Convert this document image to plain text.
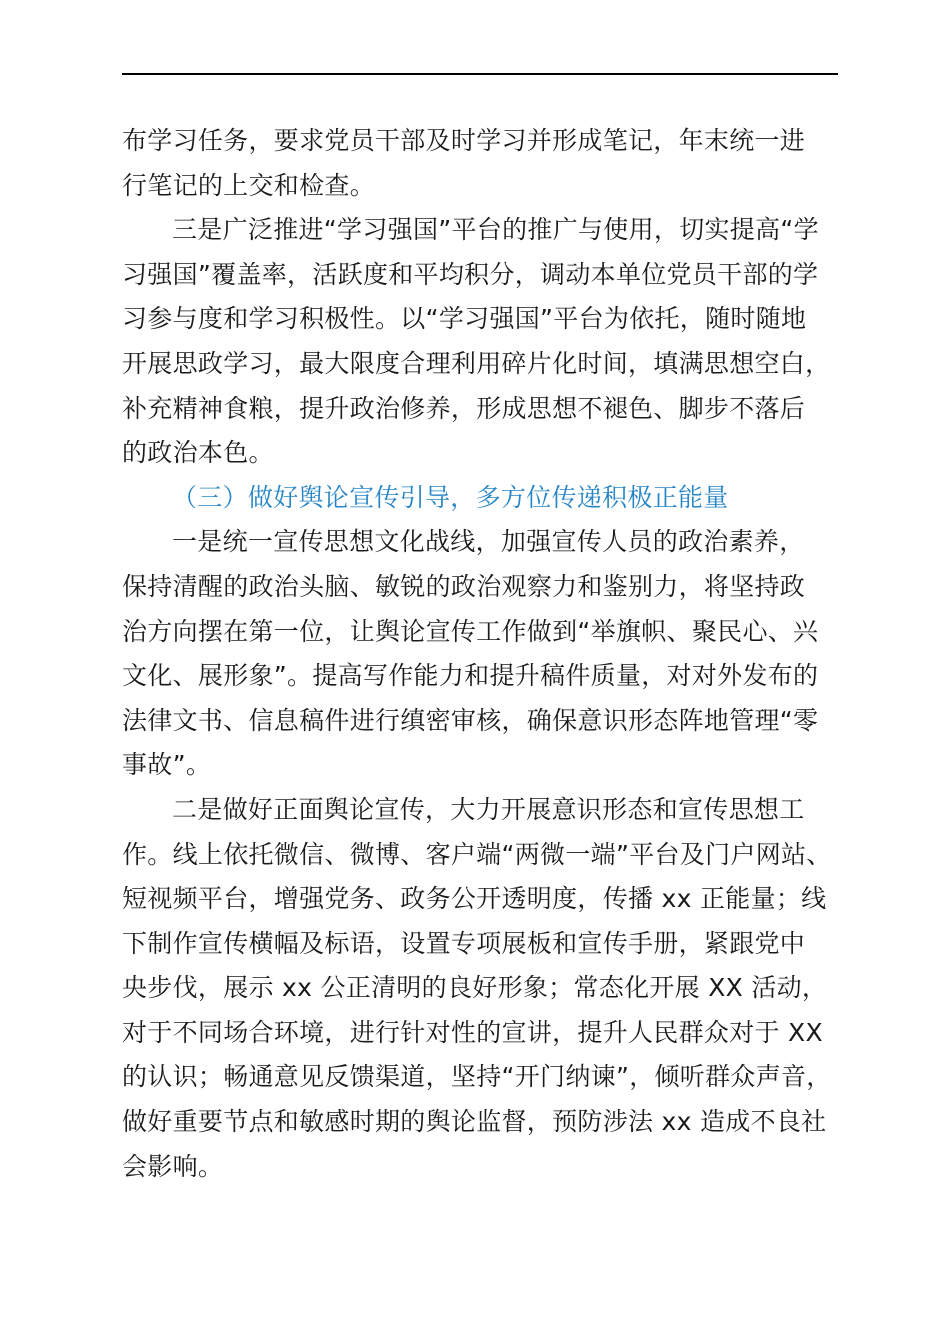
布学习任务，要求党员干部及时学习并形成笔记，年末统一进
行笔记的上交和检查。
三是广泛推进“学习强国”平台的推广与使用，切实提高“学
习强国”覆盖率，活跃度和平均积分，调动本单位党员干部的学
习参与度和学习积极性。以“学习强国”平台为依托，随时随地
开展思政学习，最大限度合理利用碎片化时间，填满思想空白，
补充精神食粮，提升政治修养，形成思想不褪色、脚步不落后
的政治本色。
（三）做好舆论宣传引导，多方位传递积极正能量
一是统一宣传思想文化战线，加强宣传人员的政治素养，
保持清醒的政治头脑、敏锐的政治观察力和鉴别力，将坚持政
治方向摆在第一位，让舆论宣传工作做到“举旗帜、聚民心、兴
文化、展形象”。提高写作能力和提升稿件质量，对对外发布的
法律文书、信息稿件进行缜密审核，确保意识形态阵地管理“零
事故”。
二是做好正面舆论宣传，大力开展意识形态和宣传思想工
作。线上依托微信、微博、客户端“两微一端”平台及门户网站、
短视频平台，增强党务、政务公开透明度，传播 xx 正能量；线
下制作宣传横幅及标语，设置专项展板和宣传手册，紧跟党中
央步伐，展示 xx 公正清明的良好形象；常态化开展 XX 活动，
对于不同场合环境，进行针对性的宣讲，提升人民群众对于 XX
的认识；畅通意见反馈渠道，坚持“开门纳谏”，倾听群众声音，
做好重要节点和敏感时期的舆论监督，预防涉法 xx 造成不良社
会影响。
